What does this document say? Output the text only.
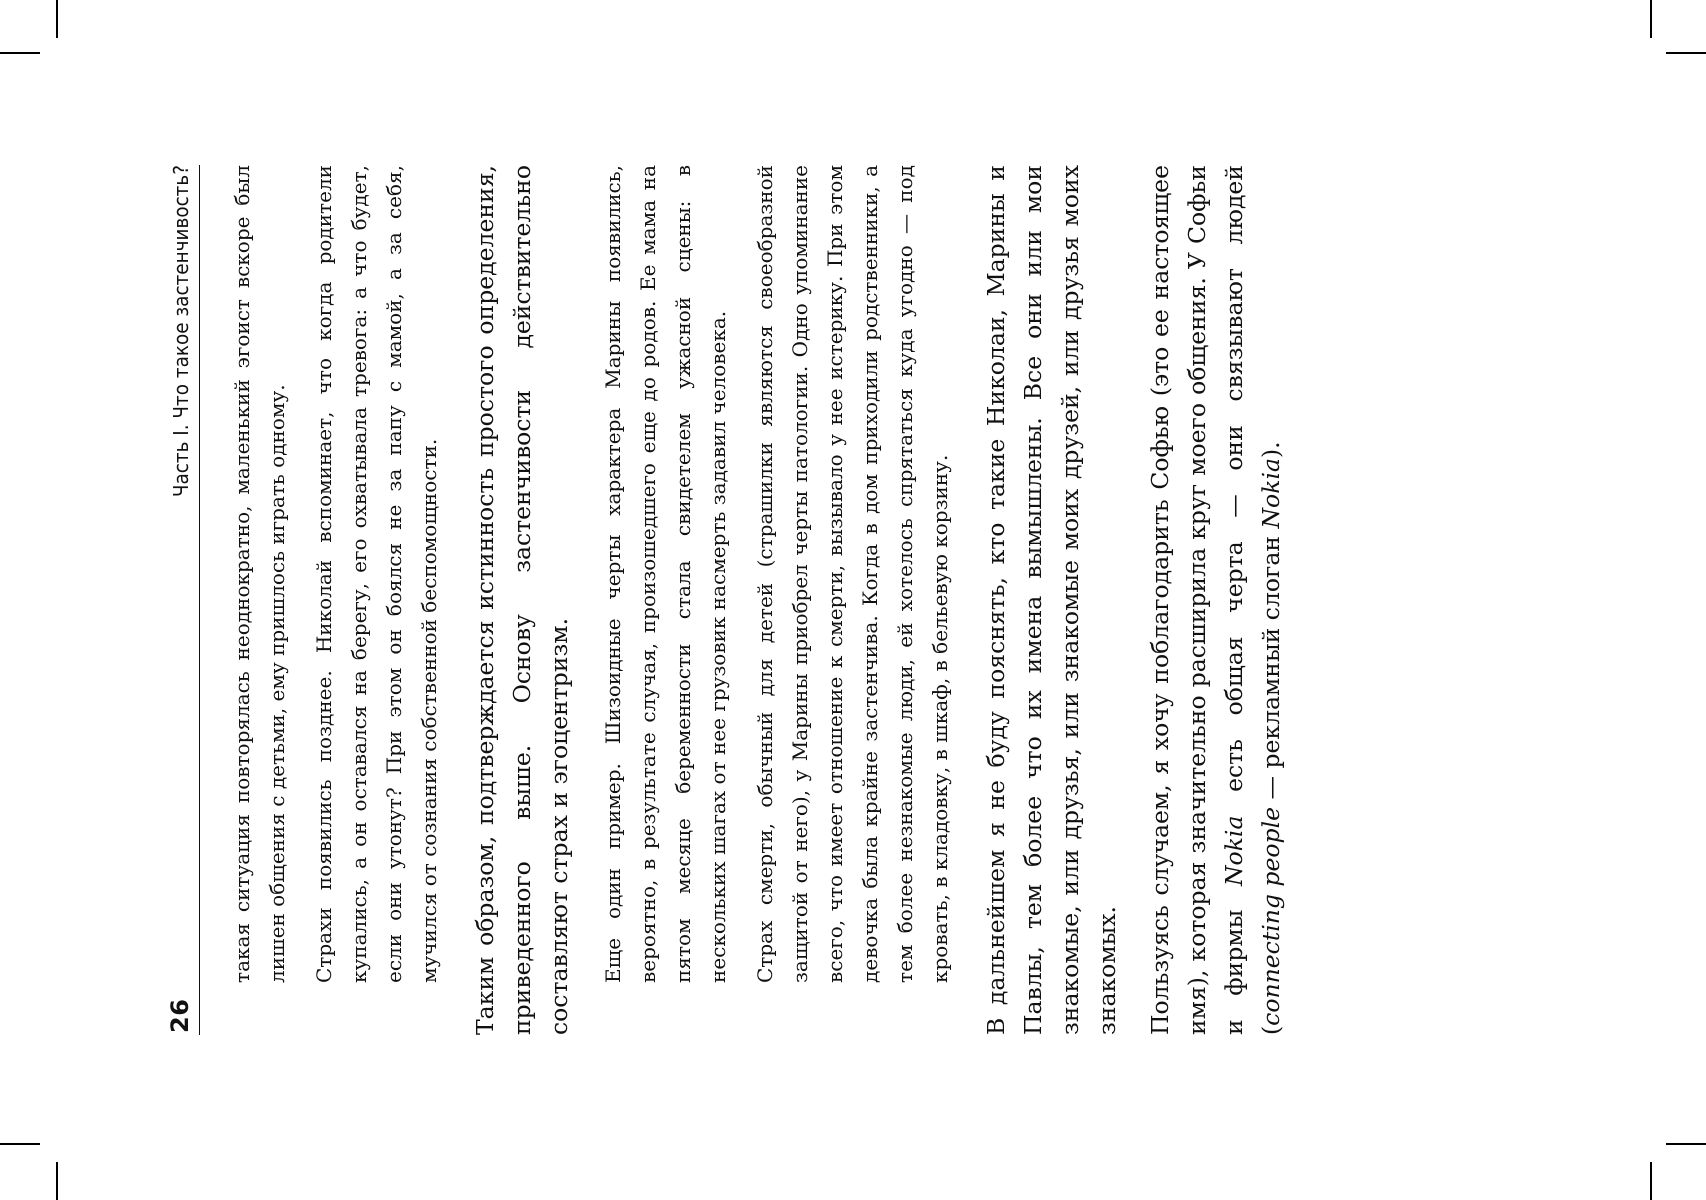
26
Часть I. Что такое застенчивость? такая ситуация повторялась неоднократно, маленький эгоист вскоре был лишен общения с детьми, ему пришлось играть одному.	Страхи появились позднее. Николай вспоминает, что когда родители купались, а он оставался на берегу, его охватывала тревога: а что будет, если они утонут? При этом он боялся не за папу с мамой, а за себя, мучился от сознания собственной беспомощности. Таким образом, подтверждается истинность простого определения, приведенного выше. Основу застенчивости действительно составляют страх и эгоцентризм. Еще один пример. Шизоидные черты характера Марины появились, вероятно, в результате случая, произошедшего еще до родов. Ее мама на пятом месяце беременности стала свидетелем ужасной сцены: в нескольких шагах от нее грузовик насмерть задавил человека.	Страх смерти, обычный для детей (страшилки являются своеобразной защитой от него), у Марины приобрел черты патологии. Одно упоминание всего, что имеет отношение к смерти, вызывало у нее истерику. При этом девочка была крайне застенчива. Когда в дом приходили родственники, а тем более незнакомые люди, ей хотелось спрятаться куда угодно — под кровать, в кладовку, в шкаф, в бельевую корзину. В дальнейшем я не буду пояснять, кто такие Николаи, Марины и Павлы, тем более что их имена вымышлены. Все они или мои знакомые, или друзья, или знакомые моих друзей, или друзья моих знакомых. Пользуясь случаем, я хочу поблагодарить Софью (это ее настоящее имя), которая значительно расширила круг моего общения. У Софьи и фирмы Nokia есть общая черта — они связывают людей (connecting people — рекламный слоган Nokia).
